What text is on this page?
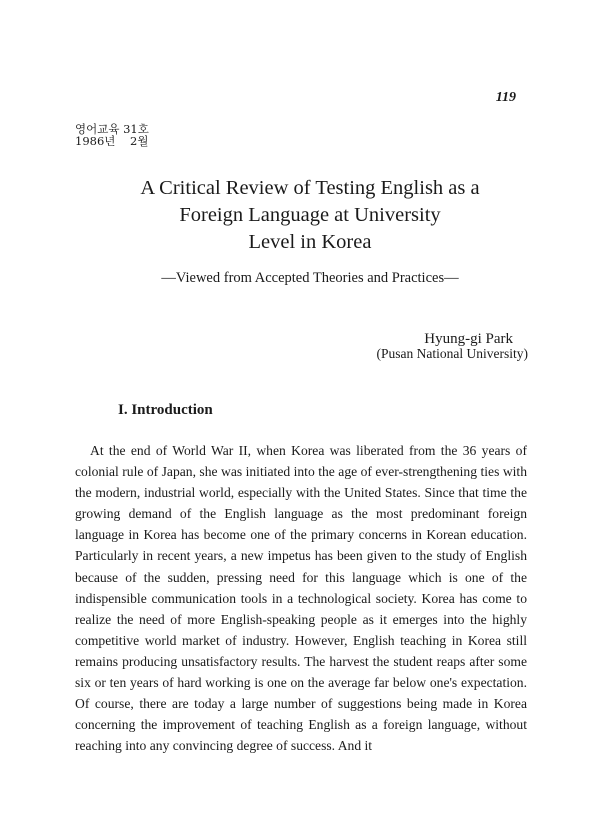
119
영어교육 31호
1986년    2월
A Critical Review of Testing English as a
Foreign Language at University
Level in Korea
—Viewed from Accepted Theories and Practices—
Hyung-gi Park
(Pusan National University)
I. Introduction

At the end of World War II, when Korea was liberated from the 36 years of colonial rule of Japan, she was initiated into the age of ever-strengthening ties with the modern, industrial world, especially with the United States. Since that time the growing demand of the English language as the most predominant foreign language in Korea has become one of the primary concerns in Korean education. Particularly in recent years, a new impetus has been given to the study of English because of the sudden, pressing need for this language which is one of the indispensible communication tools in a technological society. Korea has come to realize the need of more English-speaking people as it emerges into the highly competitive world market of industry. However, English teaching in Korea still remains producing unsatisfactory results. The harvest the student reaps after some six or ten years of hard working is one on the average far below one's expectation. Of course, there are today a large number of suggestions being made in Korea concerning the improvement of teaching English as a foreign language, without reaching into any convincing degree of success. And it
